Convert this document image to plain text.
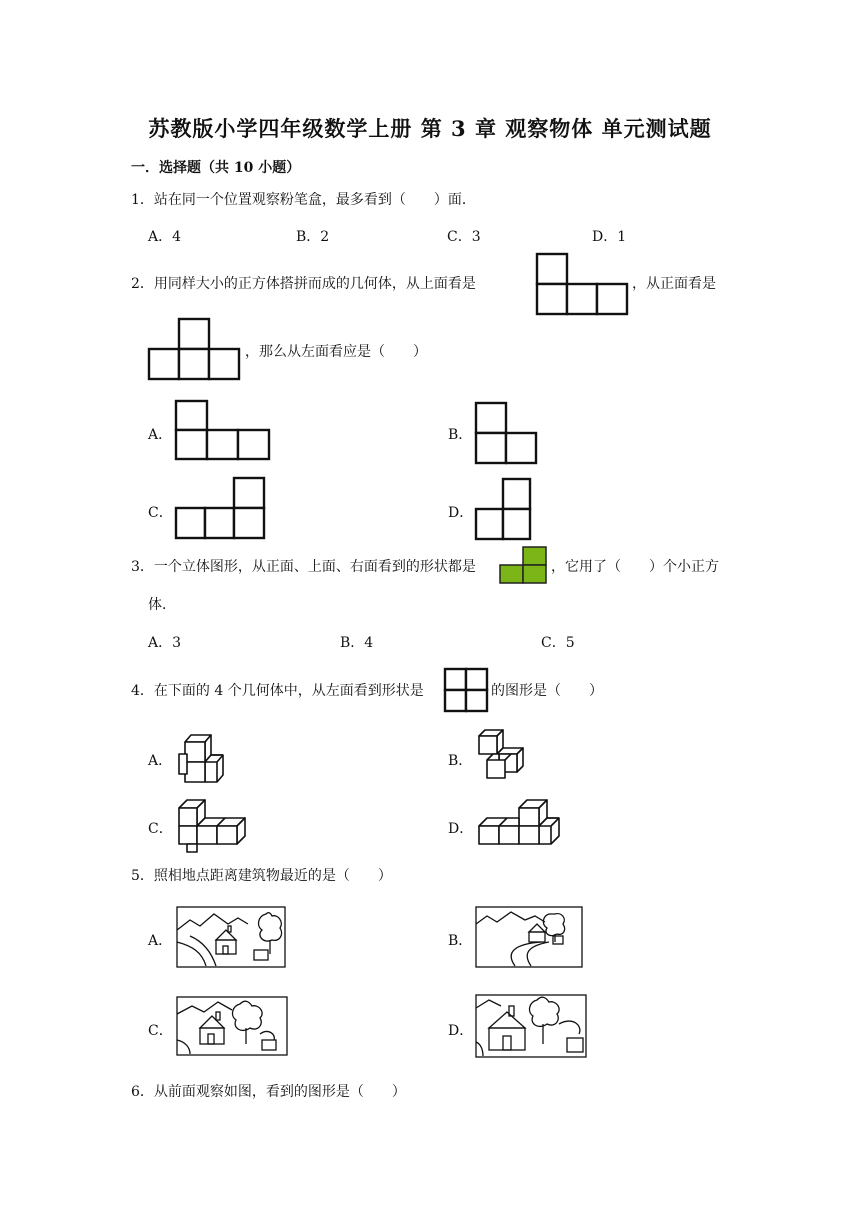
苏教版小学四年级数学上册 第 3 章 观察物体 单元测试题
一．选择题（共 10 小题）
1．站在同一个位置观察粉笔盒，最多看到（　　）面．
A．4	B．2	C．3	D．1
2．用同样大小的正方体搭拼而成的几何体，从上面看是	，从正面看是
，那么从左面看应是（　　）
A．	B．
C．	D．
3．一个立体图形，从正面、上面、右面看到的形状都是	，它用了（　　）个小正方
体．
A．3	B．4	C．5
4．在下面的 4 个几何体中，从左面看到形状是	的图形是（　　）
A．	B．
C．	D．
5．照相地点距离建筑物最近的是（　　）
A．	B．
C．	D．
6．从前面观察如图，看到的图形是（　　）
